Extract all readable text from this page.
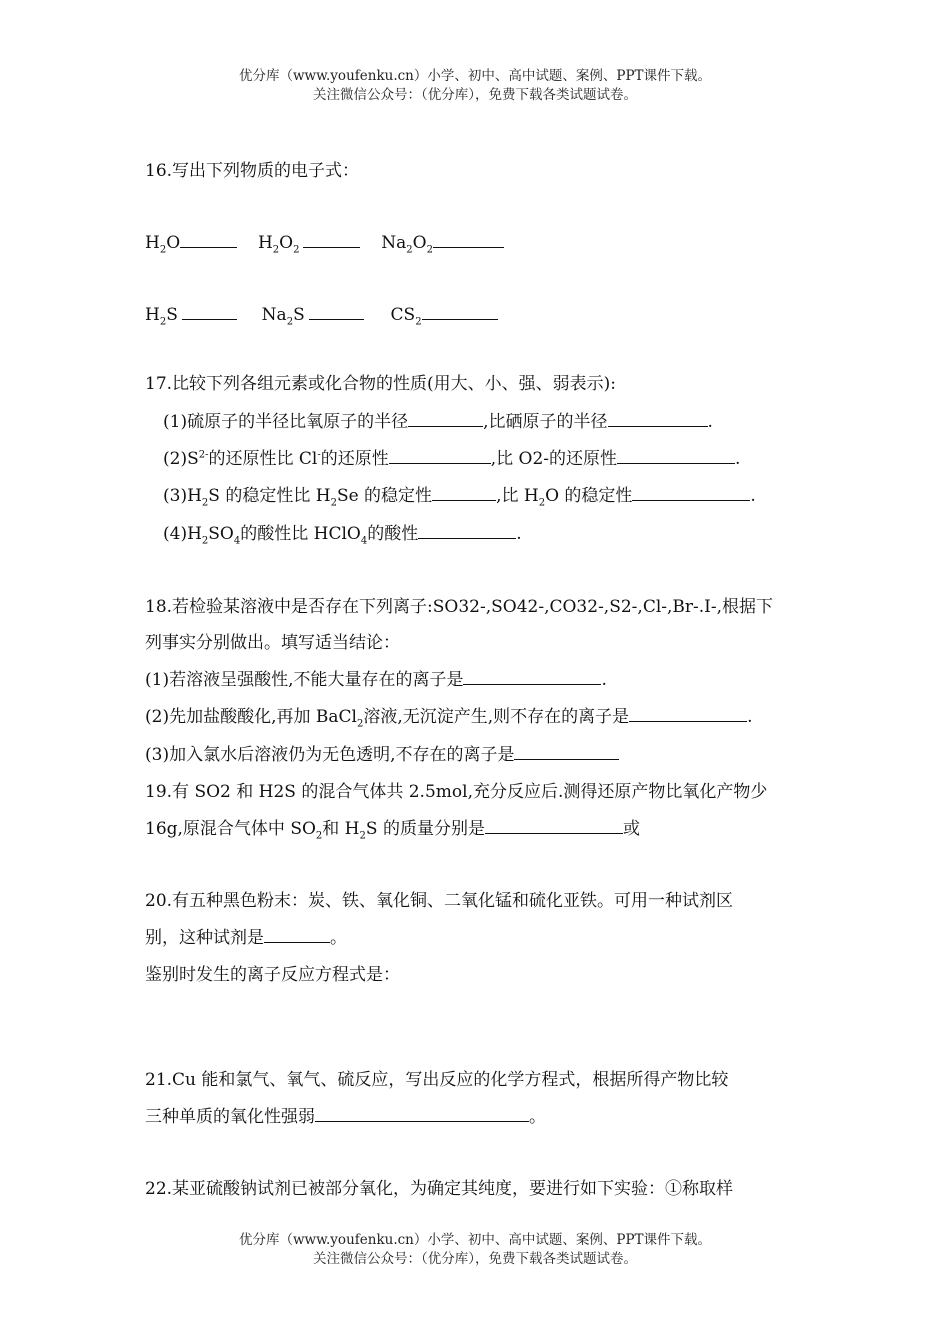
优分库（www.youfenku.cn）小学、初中、高中试题、案例、PPT课件下载。
关注微信公众号：（优分库），免费下载各类试题试卷。
16.写出下列物质的电子式：
$H_2O$	$H_2O_2$	$Na_2O_2$
$H_2S$	$Na_2S$	$CS_2$
17.比较下列各组元素或化合物的性质(用大、小、强、弱表示):
(1)硫原子的半径比氧原子的半径	,比硒原子的半径	.
$(2)S^{2-}$的还原性比 Cl-的还原性	,比 O2-的还原性	.
$(3)H_2S$ 的稳定性比 $H_2Se$ 的稳定性	,比 $H_2O$ 的稳定性	.
$(4)H_2SO_4$的酸性比 HClO$_4$的酸性	.
18.若检验某溶液中是否存在下列离子:SO32-,SO42-,CO32-,S2-,Cl-,Br-.I-,根据下
列事实分别做出。填写适当结论：
(1)若溶液呈强酸性,不能大量存在的离子是	.
(2)先加盐酸酸化,再加 BaCl$_2$溶液,无沉淀产生,则不存在的离子是	.
(3)加入氯水后溶液仍为无色透明,不存在的离子是
19.有 SO2 和 H2S 的混合气体共 2.5mol,充分反应后.测得还原产物比氧化产物少
16g,原混合气体中 $SO_2$和 $H_2S$ 的质量分别是	或
20.有五种黑色粉末：炭、铁、氧化铜、二氧化锰和硫化亚铁。可用一种试剂区
别，这种试剂是	。
鉴别时发生的离子反应方程式是：
21.Cu 能和氯气、氧气、硫反应，写出反应的化学方程式，根据所得产物比较
三种单质的氧化性强弱	。
22.某亚硫酸钠试剂已被部分氧化，为确定其纯度，要进行如下实验：①称取样
优分库（www.youfenku.cn）小学、初中、高中试题、案例、PPT课件下载。
关注微信公众号：（优分库），免费下载各类试题试卷。
